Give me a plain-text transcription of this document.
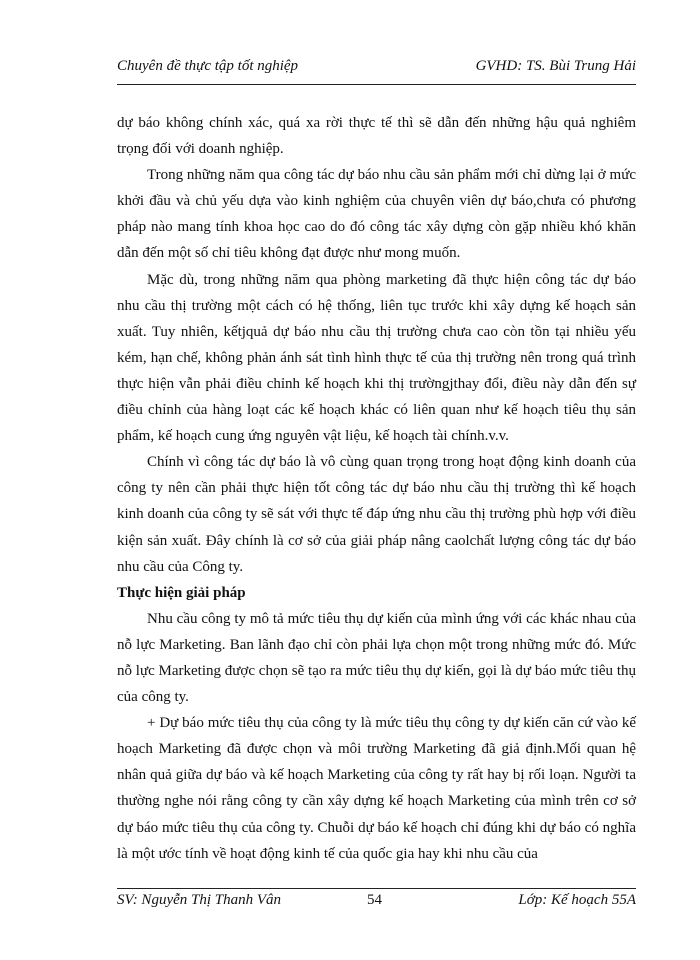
Chuyên đề thực tập tốt nghiệp	GVHD: TS. Bùi Trung Hải

dự báo không chính xác, quá xa rời thực tế thì sẽ dẫn đến những hậu quả nghiêm trọng đối với doanh nghiệp.

Trong những năm qua công tác dự báo nhu cầu sản phẩm mới chỉ dừng lại ở mức khởi đầu và chủ yếu dựa vào kinh nghiệm của chuyên viên dự báo,chưa có phương pháp nào mang tính khoa học cao do đó công tác xây dựng còn gặp nhiều khó khăn dẫn đến một số chỉ tiêu không đạt được như mong muốn.

Mặc dù, trong những năm qua phòng marketing đã thực hiện công tác dự báo nhu cầu thị trường một cách có hệ thống, liên tục trước khi xây dựng kế hoạch sản xuất. Tuy nhiên, kếtjquả dự báo nhu cầu thị trường chưa cao còn tồn tại nhiều yếu kém, hạn chế, không phản ánh sát tình hình thực tế của thị trường nên trong quá trình thực hiện vẫn phải điều chỉnh kế hoạch khi thị trườngjthay đổi, điều này dẫn đến sự điều chỉnh của hàng loạt các kế hoạch khác có liên quan như kế hoạch tiêu thụ sản phẩm, kế hoạch cung ứng nguyên vật liệu, kế hoạch tài chính.v.v.

Chính vì công tác dự báo là vô cùng quan trọng trong hoạt động kinh doanh của công ty nên cần phải thực hiện tốt công tác dự báo nhu cầu thị trường thì kế hoạch kinh doanh của công ty sẽ sát với thực tế đáp ứng nhu cầu thị trường phù hợp với điều kiện sản xuất. Đây chính là cơ sở của giải pháp nâng caolchất lượng công tác dự báo nhu cầu của Công ty.

Thực hiện giải pháp

Nhu cầu công ty mô tả mức tiêu thụ dự kiến của mình ứng với các khác nhau của nỗ lực Marketing. Ban lãnh đạo chỉ còn phải lựa chọn một trong những mức đó. Mức nỗ lực Marketing được chọn sẽ tạo ra mức tiêu thụ dự kiến, gọi là dự báo mức tiêu thụ của công ty.

+ Dự báo mức tiêu thụ của công ty là mức tiêu thụ công ty dự kiến căn cứ vào kế hoạch Marketing đã được chọn và môi trường Marketing đã giả định.Mối quan hệ nhân quả giữa dự báo và kế hoạch Marketing của công ty rất hay bị rối loạn. Người ta thường nghe nói rằng công ty cần xây dựng kế hoạch Marketing của mình trên cơ sở dự báo mức tiêu thụ của công ty. Chuỗi dự báo kế hoạch chỉ đúng khi dự báo có nghĩa là một ước tính về hoạt động kinh tế của quốc gia hay khi nhu cầu của

SV: Nguyễn Thị Thanh Vân	54	Lớp: Kế hoạch 55A
